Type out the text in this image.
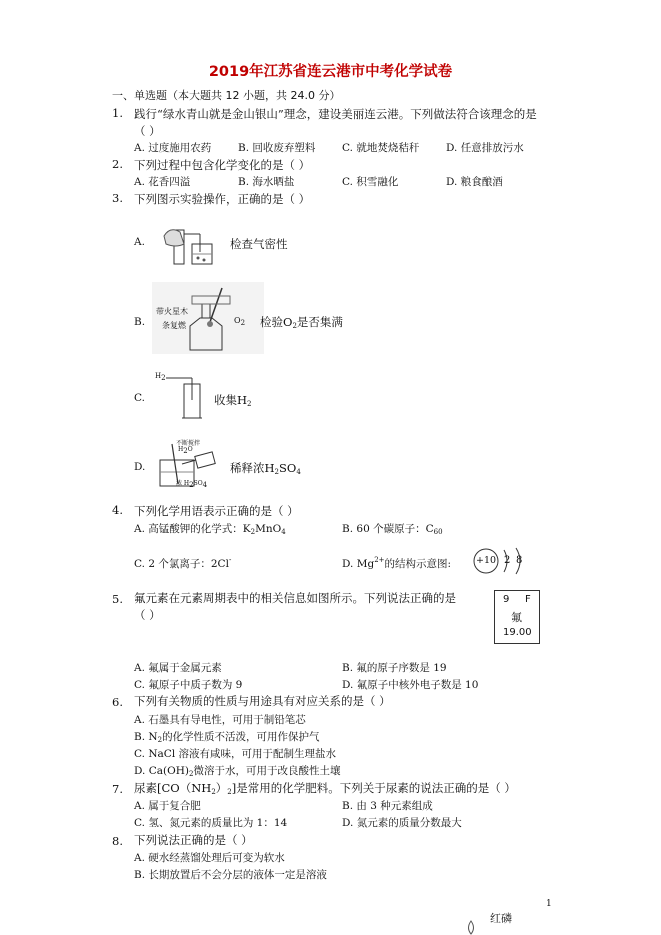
2019年江苏省连云港市中考化学试卷
一、单选题（本大题共 12 小题，共 24.0 分）
1. 践行“绿水青山就是金山银山”理念，建设美丽连云港。下列做法符合该理念的是
（ ）
A. 过度施用农药	B. 回收废弃塑料	C. 就地焚烧秸秆	D. 任意排放污水
2. 下列过程中包含化学变化的是（ ）
A. 花香四溢	B. 海水晒盐	C. 积雪融化	D. 粮食酿酒
3. 下列图示实验操作，正确的是（ ）
A.	检查气密性
B.
带火星木
条复燃
O2 检验$O_2$是否集满
C.
H2
收集$H_2$
D.
不断搅拌
H2O
浓 H2SO4
稀释浓$H_2SO_4$
4. 下列化学用语表示正确的是（ ）
A. 高锰酸钾的化学式：$K_2MnO_4$	B. 60 个碳原子：$C_{60}$
C. 2 个氯离子：2Cl-	D. $Mg^{2+}$的结构示意图:	+10 2 8
5. 氟元素在元素周期表中的相关信息如图所示。下列说法正确的是
（ ）
9 F
氟
19.00
A. 氟属于金属元素	B. 氟的原子序数是 19
C. 氟原子中质子数为 9	D. 氟原子中核外电子数是 10
6. 下列有关物质的性质与用途具有对应关系的是（ ）
A. 石墨具有导电性，可用于制铅笔芯
B. $N_2$的化学性质不活泼，可用作保护气
C. NaCl 溶液有咸味，可用于配制生理盐水
D. $Ca(OH)_2$微溶于水，可用于改良酸性土壤
7. 尿素$[CO(NH_2)_2]$是常用的化学肥料。下列关于尿素的说法正确的是（ ）
A. 属于复合肥	B. 由 3 种元素组成
C. 氢、氮元素的质量比为 1：14	D. 氮元素的质量分数最大
8. 下列说法正确的是（ ）
A. 硬水经蒸馏处理后可变为软水
B. 长期放置后不会分层的液体一定是溶液
1
红磷
